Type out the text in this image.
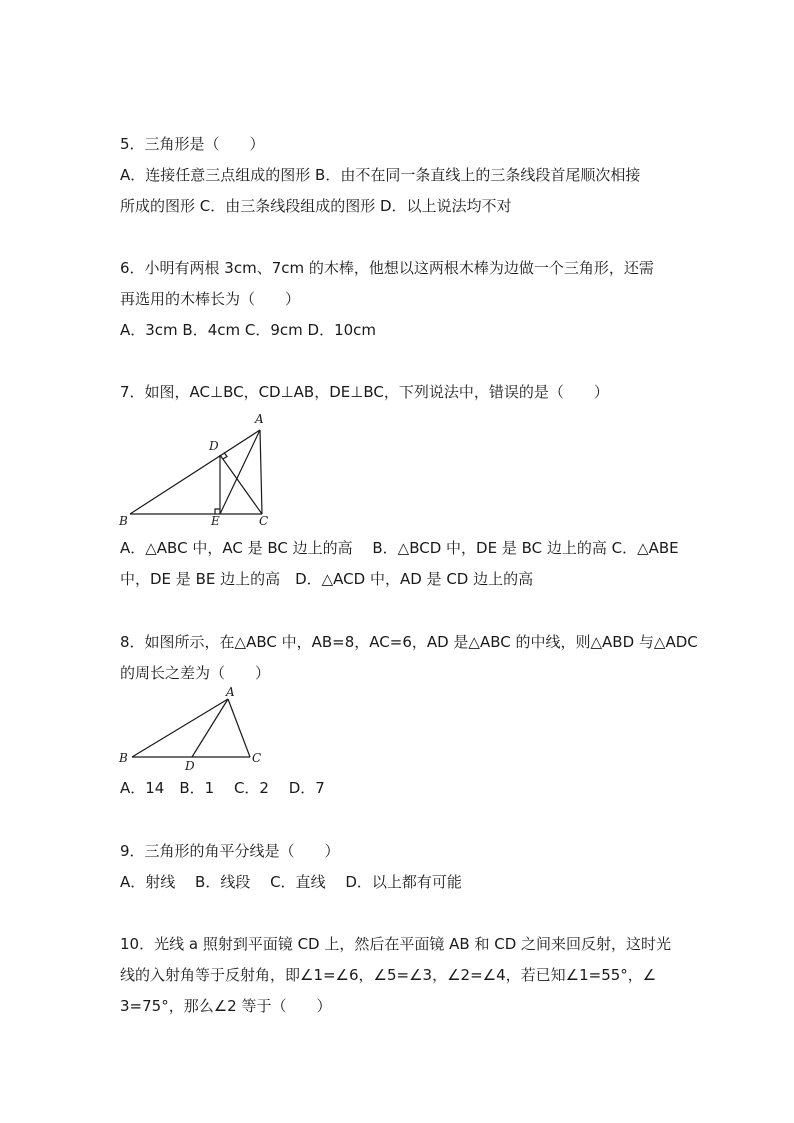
5．三角形是（　　）
A．连接任意三点组成的图形 B．由不在同一条直线上的三条线段首尾顺次相接
所成的图形 C．由三条线段组成的图形 D．以上说法均不对
6．小明有两根 3cm、7cm 的木棒，他想以这两根木棒为边做一个三角形，还需
再选用的木棒长为（　　）
A．3cm B．4cm C．9cm D．10cm
7．如图，AC⊥BC，CD⊥AB，DE⊥BC，下列说法中，错误的是（　　）
A
B	C
D
E
A．△ABC 中，AC 是 BC 边上的高　 B．△BCD 中，DE 是 BC 边上的高 C．△ABE
中，DE 是 BE 边上的高　D．△ACD 中，AD 是 CD 边上的高
8．如图所示，在△ABC 中，AB=8，AC=6，AD 是△ABC 的中线，则△ABD 与△ADC
的周长之差为（　　）
A
B	C
D
A．14　B．1　 C．2　 D．7
9．三角形的角平分线是（　　）
A．射线　 B．线段　 C．直线　 D．以上都有可能
10．光线 a 照射到平面镜 CD 上，然后在平面镜 AB 和 CD 之间来回反射，这时光
线的入射角等于反射角，即∠1=∠6，∠5=∠3，∠2=∠4，若已知∠1=55°，∠
3=75°，那么∠2 等于（　　）
